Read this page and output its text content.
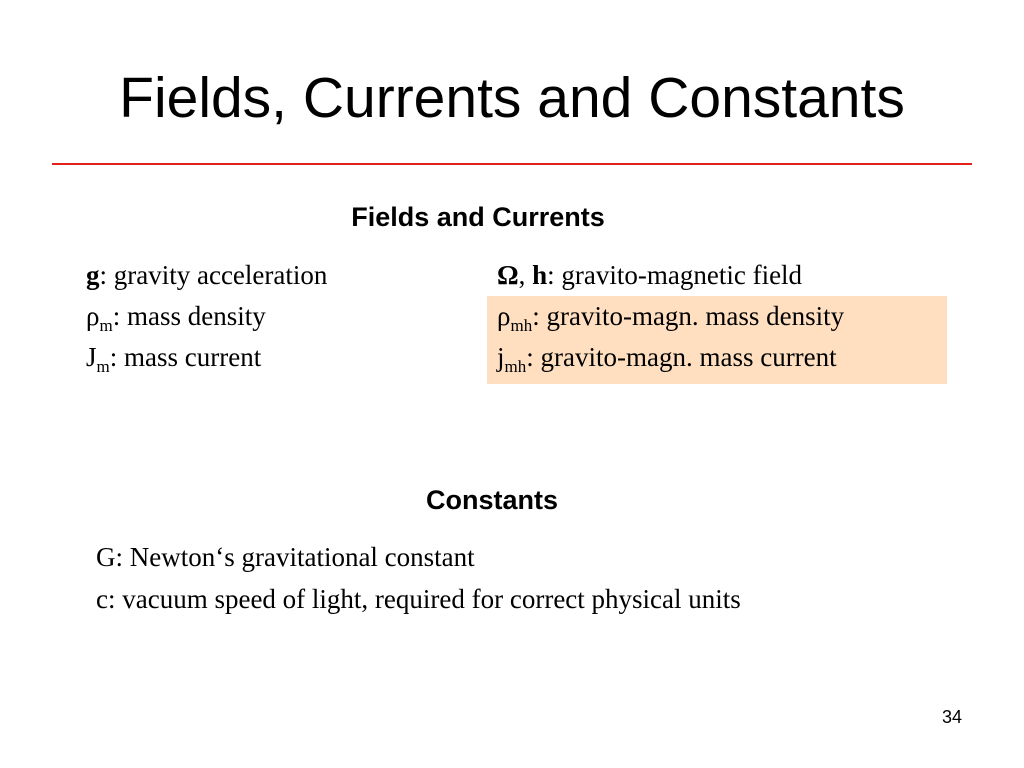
Fields, Currents and Constants
Fields and Currents
g: gravity acceleration
$\rho_m$: mass density
$J_m$: mass current
Ω, h: gravito-magnetic field
$\rho_{mh}$: gravito-magn. mass density
$j_{mh}$: gravito-magn. mass current
Constants
G: Newton‘s gravitational constant
c: vacuum speed of light, required for correct physical units
34
